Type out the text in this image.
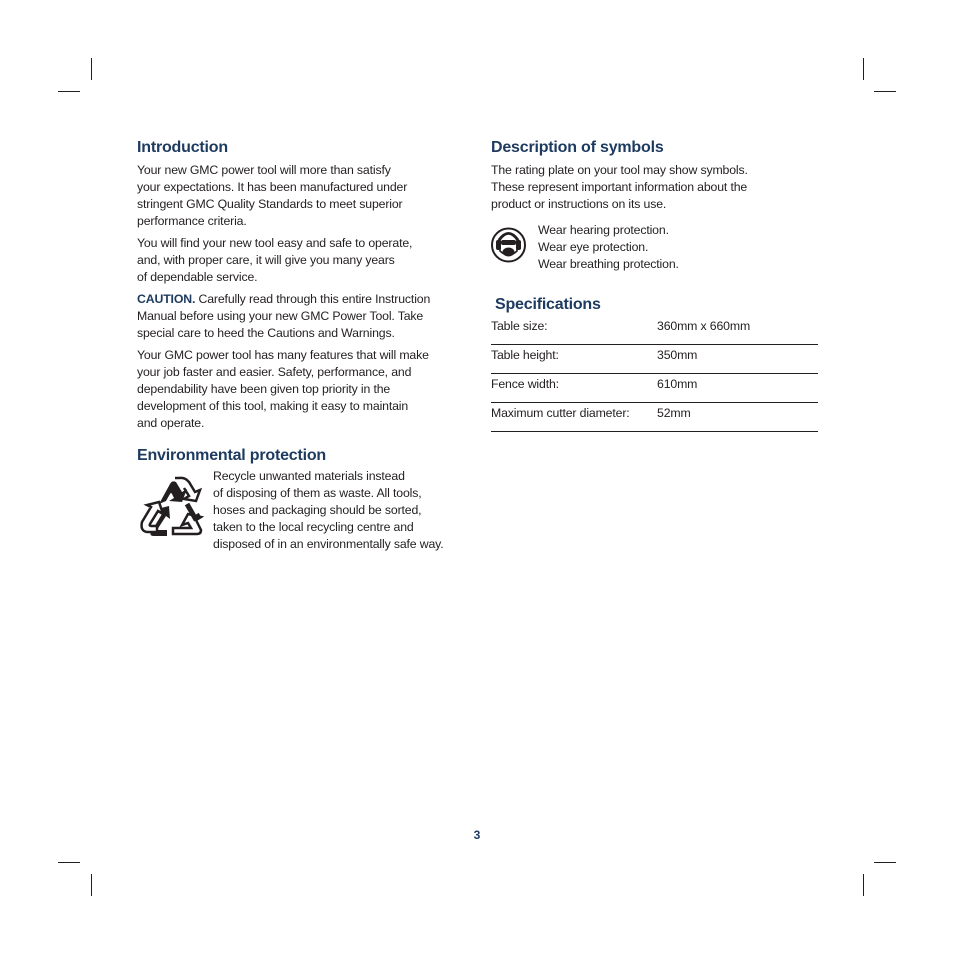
Introduction

Your new GMC power tool will more than satisfy
your expectations. It has been manufactured under
stringent GMC Quality Standards to meet superior
performance criteria.

You will find your new tool easy and safe to operate,
and, with proper care, it will give you many years
of dependable service.

CAUTION. Carefully read through this entire Instruction
Manual before using your new GMC Power Tool. Take
special care to heed the Cautions and Warnings.

Your GMC power tool has many features that will make
your job faster and easier. Safety, performance, and
dependability have been given top priority in the
development of this tool, making it easy to maintain
and operate.

Environmental protection

Recycle unwanted materials instead
of disposing of them as waste. All tools,
hoses and packaging should be sorted,
taken to the local recycling centre and
disposed of in an environmentally safe way.

Description of symbols

The rating plate on your tool may show symbols.
These represent important information about the
product or instructions on its use.

Wear hearing protection.
Wear eye protection.
Wear breathing protection.

Specifications
Table size:	360mm x 660mm
Table height:	350mm
Fence width:	610mm
Maximum cutter diameter:	52mm
3
